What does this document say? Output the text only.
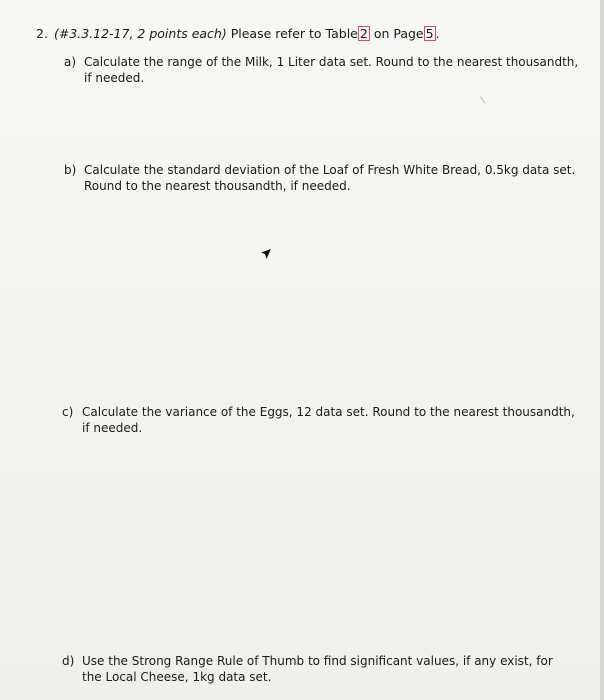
2. (#3.3.12-17, 2 points each) Please refer to Table 2 on Page 5 .
a) Calculate the range of the Milk, 1 Liter data set. Round to the nearest thousandth,
if needed.
b) Calculate the standard deviation of the Loaf of Fresh White Bread, 0.5kg data set.
Round to the nearest thousandth, if needed.
c) Calculate the variance of the Eggs, 12 data set. Round to the nearest thousandth,
if needed.
d) Use the Strong Range Rule of Thumb to find significant values, if any exist, for
the Local Cheese, 1kg data set.
